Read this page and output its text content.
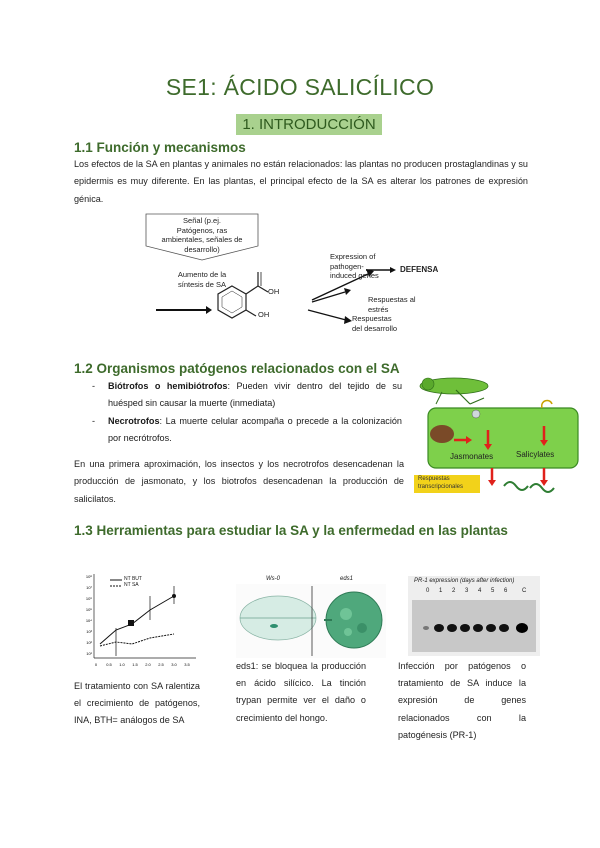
SE1: ÁCIDO SALICÍLICO
1. INTRODUCCIÓN
1.1 Función y mecanismos
Los efectos de la SA en plantas y animales no están relacionados: las plantas no producen prostaglandinas y su epidermis es muy diferente. En las plantas, el principal efecto de la SA es alterar los patrones de expresión génica.
Señal (p.ej.
Patógenos, ras
ambientales, señales de
desarrollo)
Aumento de la
síntesis de SA
OH
OH
Expression of
pathogen-
induced genes
DEFENSA
Respuestas al
estrés
Respuestas
del desarrollo
1.2 Organismos patógenos relacionados con el SA
- Biótrofos o hemibiótrofos: Pueden vivir dentro del tejido de su huésped sin causar la muerte (inmediata)
- Necrotrofos: La muerte celular acompaña o precede a la colonización por necrótrofos.
En una primera aproximación, los insectos y los necrotrofos desencadenan la producción de jasmonato, y los biotrofos desencadenan la producción de salicilatos.
Jasmonates	Salicylates
Respuestas
transcripcionales
1.3 Herramientas para estudiar la SA y la enfermedad en las plantas
10⁸
10⁷
10⁶
10⁵
10⁴
10³
10²
10¹
0 0.5 1.0 1.5 2.0 2.5 3.0 3.5
NT BUT
NT SA
El tratamiento con SA ralentiza el crecimiento de patógenos, INA, BTH= análogos de SA
Ws-0	eds1
eds1: se bloquea la producción en ácido silícico. La tinción trypan permite ver el daño o crecimiento del hongo.
PR-1 expression (days after infection)
0 1 2 3 4 5 6 C
Infección por patógenos o tratamiento de SA induce la expresión de genes relacionados con la patogénesis (PR-1)
